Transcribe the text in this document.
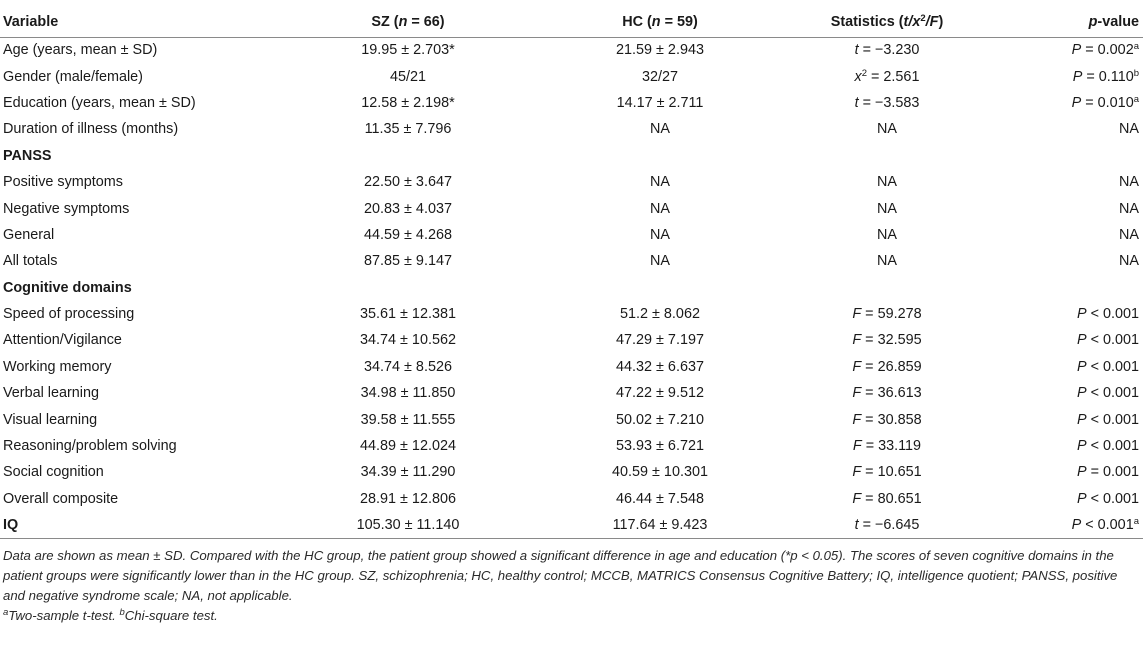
Variable	SZ (n = 66)	HC (n = 59)	Statistics $(t/x^2/F)$	p-value
Age (years, mean ± SD)	19.95 ± 2.703*	21.59 ± 2.943	t = −3.230	P = 0.002$^a$
Gender (male/female)	45/21	32/27	$x^2 = 2.561$	P = 0.110$^b$
Education (years, mean ± SD)	12.58 ± 2.198*	14.17 ± 2.711	t = −3.583	P = 0.010$^a$
Duration of illness (months)	11.35 ± 7.796	NA	NA	NA
PANSS				
Positive symptoms	22.50 ± 3.647	NA	NA	NA
Negative symptoms	20.83 ± 4.037	NA	NA	NA
General	44.59 ± 4.268	NA	NA	NA
All totals	87.85 ± 9.147	NA	NA	NA
Cognitive domains				
Speed of processing	35.61 ± 12.381	51.2 ± 8.062	F = 59.278	P < 0.001
Attention/Vigilance	34.74 ± 10.562	47.29 ± 7.197	F = 32.595	P < 0.001
Working memory	34.74 ± 8.526	44.32 ± 6.637	F = 26.859	P < 0.001
Verbal learning	34.98 ± 11.850	47.22 ± 9.512	F = 36.613	P < 0.001
Visual learning	39.58 ± 11.555	50.02 ± 7.210	F = 30.858	P < 0.001
Reasoning/problem solving	44.89 ± 12.024	53.93 ± 6.721	F = 33.119	P < 0.001
Social cognition	34.39 ± 11.290	40.59 ± 10.301	F = 10.651	P = 0.001
Overall composite	28.91 ± 12.806	46.44 ± 7.548	F = 80.651	P < 0.001
IQ	105.30 ± 11.140	117.64 ± 9.423	t = −6.645	P < 0.001$^a$

Data are shown as mean ± SD. Compared with the HC group, the patient group showed a significant difference in age and education (*p < 0.05). The scores of seven cognitive domains in the patient groups were significantly lower than in the HC group. SZ, schizophrenia; HC, healthy control; MCCB, MATRICS Consensus Cognitive Battery; IQ, intelligence quotient; PANSS, positive and negative syndrome scale; NA, not applicable.

$^a$Two-sample t-test. $^b$Chi-square test.
